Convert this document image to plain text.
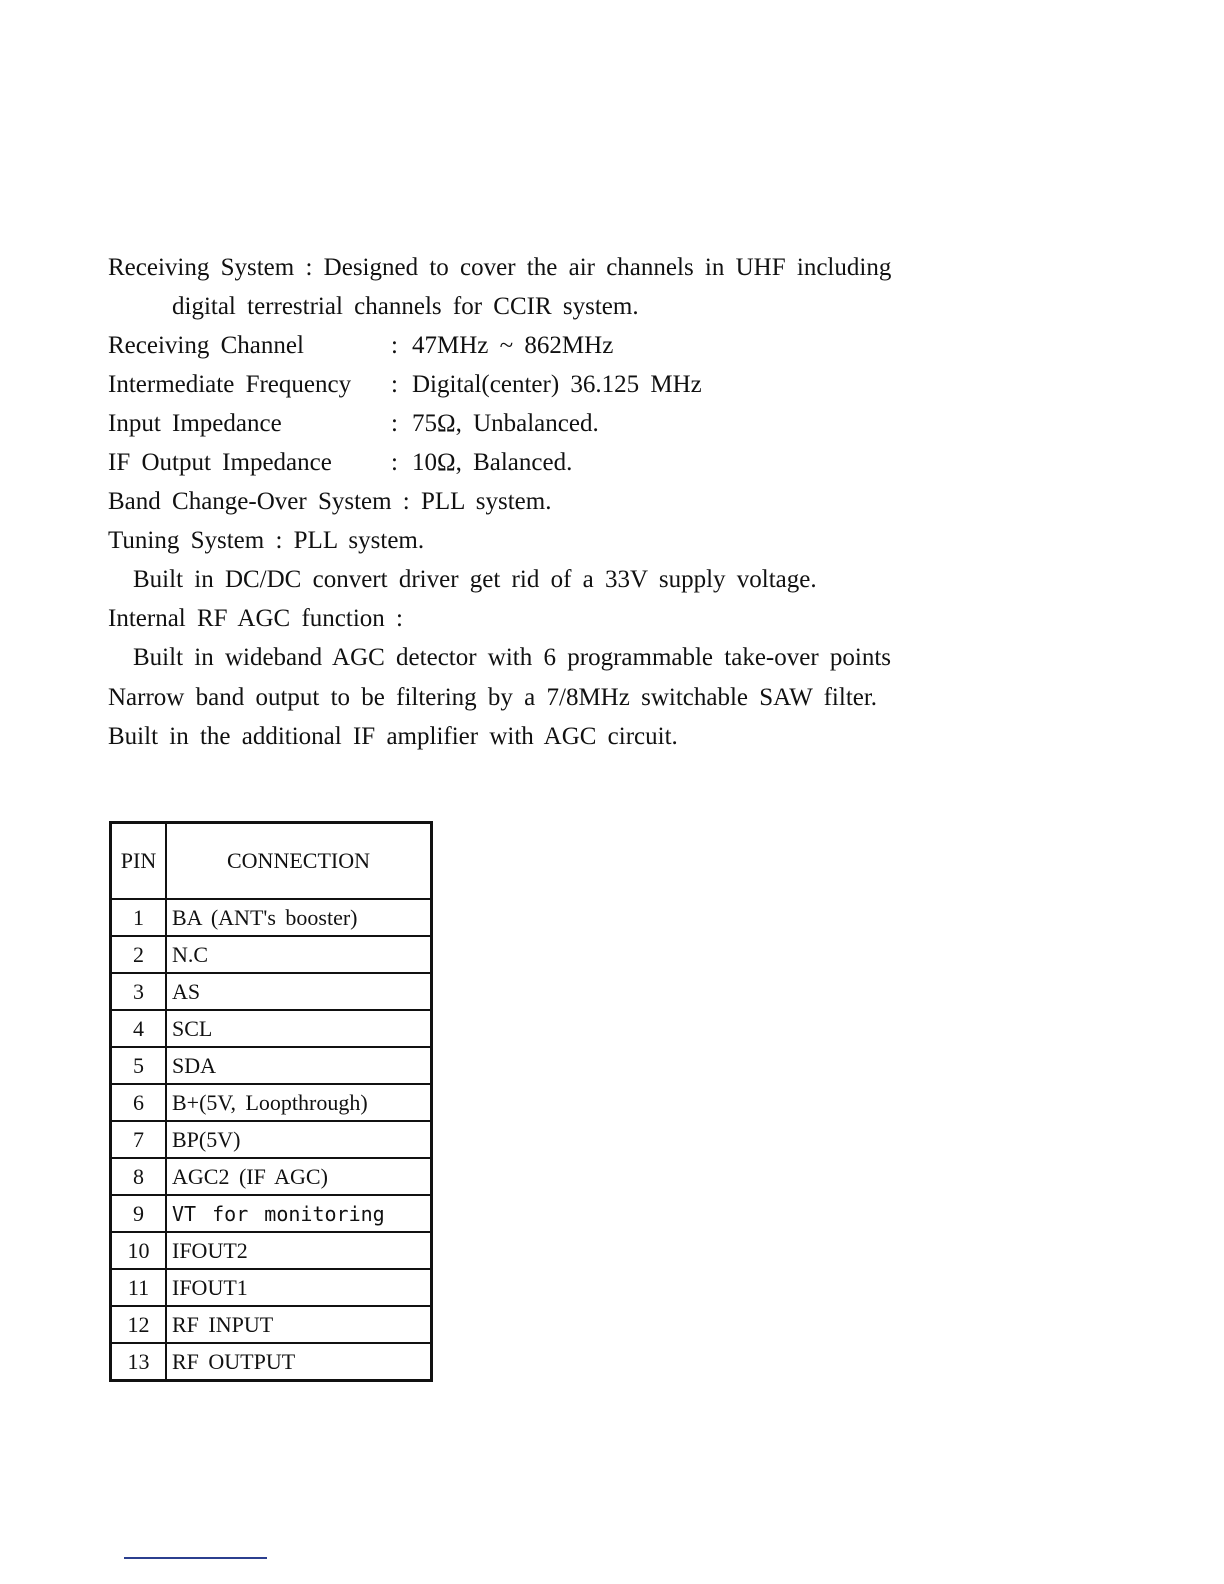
Receiving System : Designed to cover the air channels in UHF including
digital terrestrial channels for CCIR system.
Receiving Channel	: 47MHz ~ 862MHz
Intermediate Frequency : Digital(center) 36.125 MHz
Input Impedance	: 75Ω, Unbalanced.
IF Output Impedance : 10Ω, Balanced.
Band Change-Over System : PLL system.
Tuning System : PLL system.
Built in DC/DC convert driver get rid of a 33V supply voltage.
Internal RF AGC function :
Built in wideband AGC detector with 6 programmable take-over points
Narrow band output to be filtering by a 7/8MHz switchable SAW filter.
Built in the additional IF amplifier with AGC circuit.
PIN	CONNECTION
1	BA (ANT's booster)
2	N.C
3	AS
4	SCL
5	SDA
6	B+(5V, Loopthrough)
7	BP(5V)
8	AGC2 (IF AGC)
9	VT for monitoring
10	IFOUT2
11	IFOUT1
12	RF INPUT
13	RF OUTPUT
